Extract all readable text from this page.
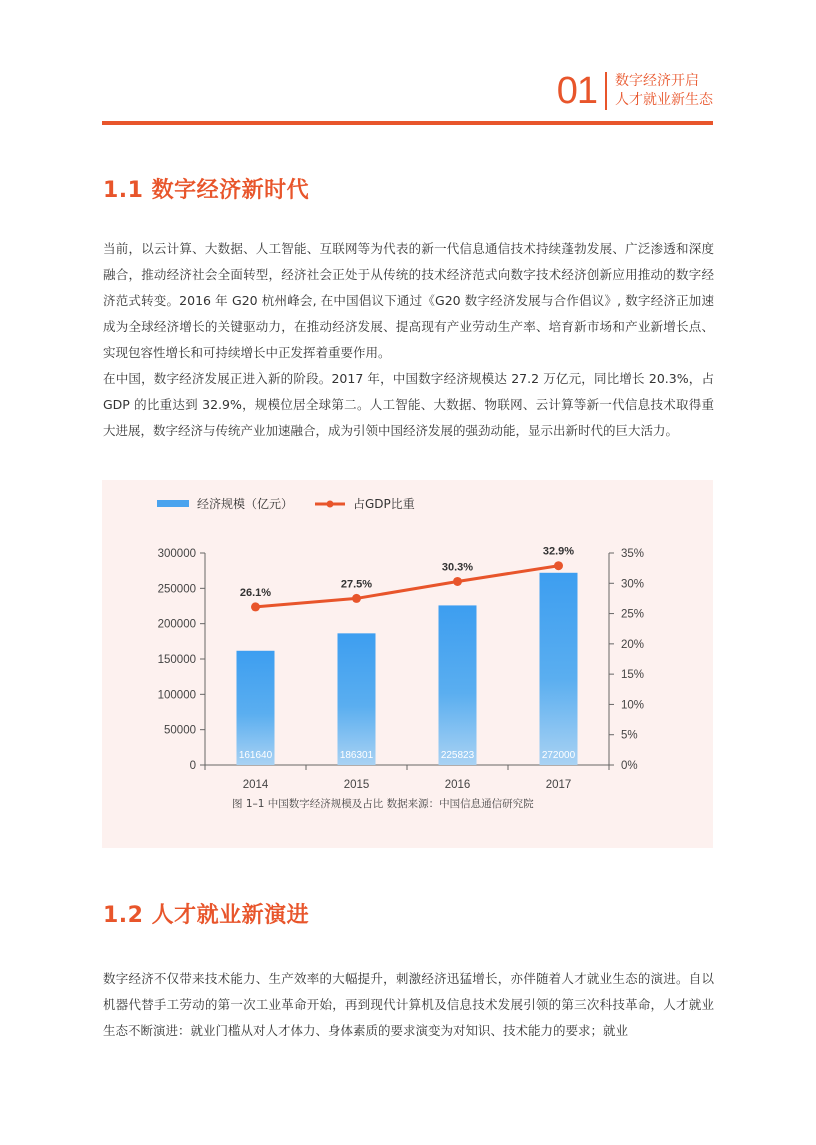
01 数字经济开启
人才就业新生态
1.1 数字经济新时代

当前，以云计算、大数据、人工智能、互联网等为代表的新一代信息通信技术持续蓬勃发展、广泛渗透和深度融合，推动经济社会全面转型，经济社会正处于从传统的技术经济范式向数字技术经济创新应用推动的数字经济范式转变。2016 年 G20 杭州峰会, 在中国倡议下通过《G20 数字经济发展与合作倡议》, 数字经济正加速成为全球经济增长的关键驱动力，在推动经济发展、提高现有产业劳动生产率、培育新市场和产业新增长点、实现包容性增长和可持续增长中正发挥着重要作用。

在中国，数字经济发展正进入新的阶段。2017 年，中国数字经济规模达 27.2 万亿元，同比增长 20.3%，占 GDP 的比重达到 32.9%，规模位居全球第二。人工智能、大数据、物联网、云计算等新一代信息技术取得重大进展，数字经济与传统产业加速融合，成为引领中国经济发展的强劲动能，显示出新时代的巨大活力。

经济规模（亿元）	占GDP比重
0
50000
100000
150000
200000
250000
300000
0%
5%
10%
15%
20%
25%
30%
35%
161640	186301	225823	272000
26.1%
27.5%
30.3%
32.9%
2014	2015	2016	2017
图 1–1 中国数字经济规模及占比 数据来源：中国信息通信研究院
1.2 人才就业新演进

数字经济不仅带来技术能力、生产效率的大幅提升，刺激经济迅猛增长，亦伴随着人才就业生态的演进。自以机器代替手工劳动的第一次工业革命开始，再到现代计算机及信息技术发展引领的第三次科技革命，人才就业生态不断演进：就业门槛从对人才体力、身体素质的要求演变为对知识、技术能力的要求；就业
